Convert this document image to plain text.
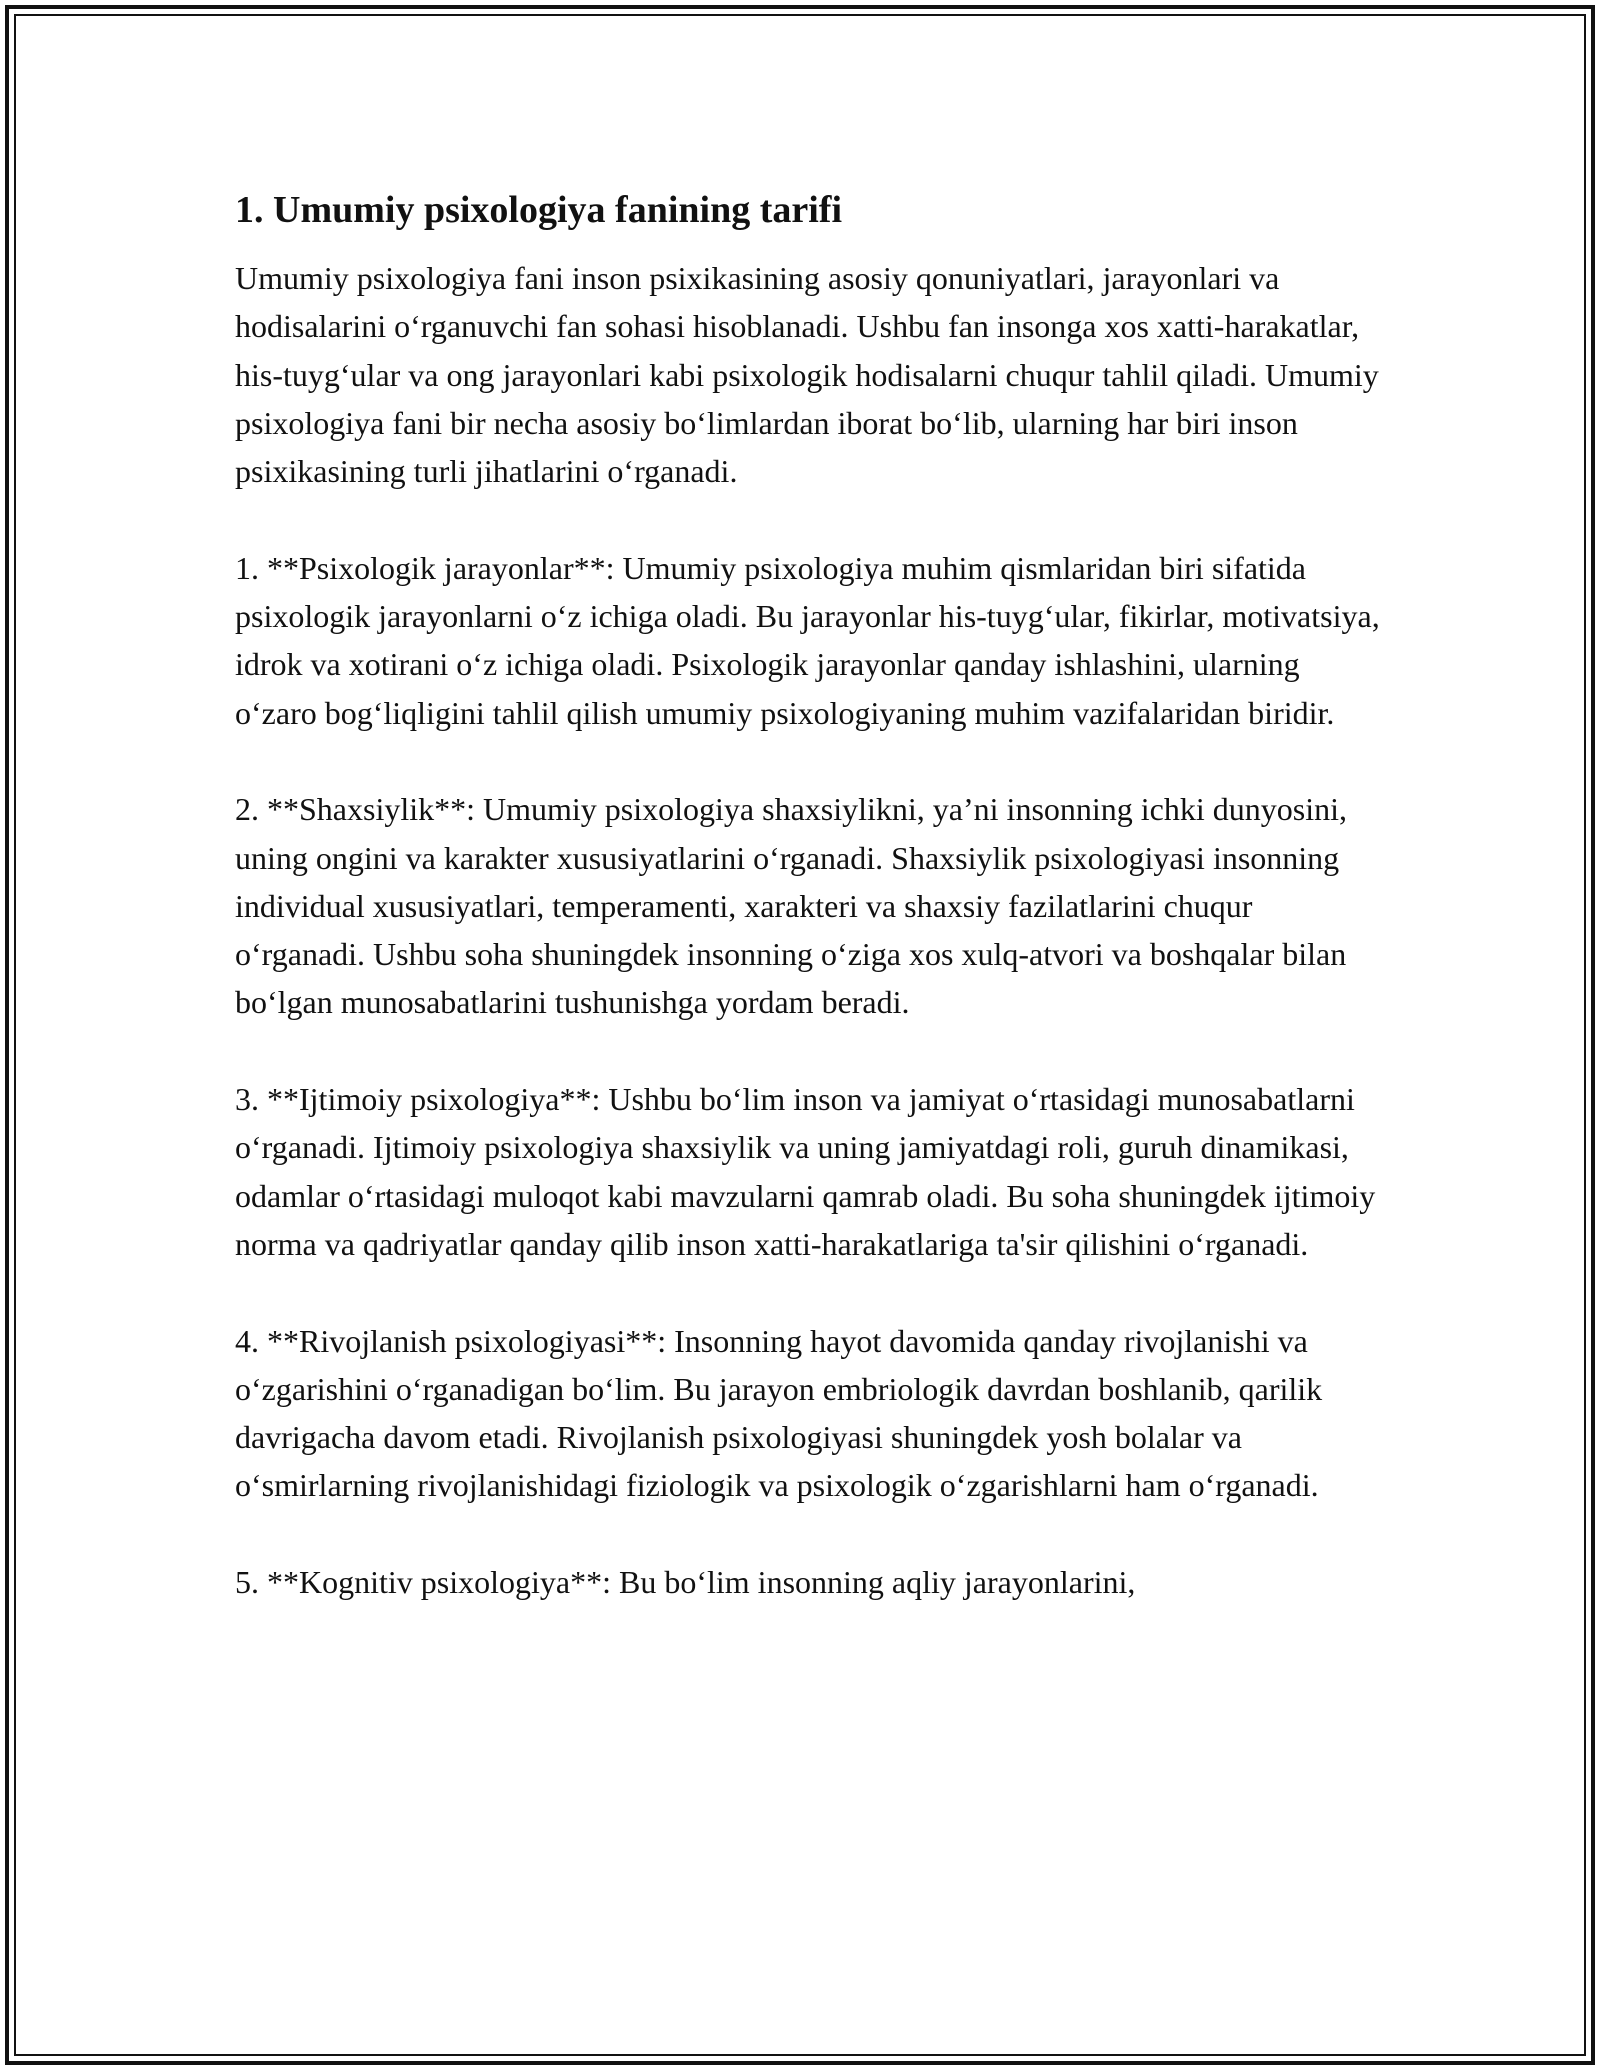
1. Umumiy psixologiya fanining tarifi

Umumiy psixologiya fani inson psixikasining asosiy qonuniyatlari, jarayonlari va hodisalarini o‘rganuvchi fan sohasi hisoblanadi. Ushbu fan insonga xos xatti-harakatlar, his-tuyg‘ular va ong jarayonlari kabi psixologik hodisalarni chuqur tahlil qiladi. Umumiy psixologiya fani bir necha asosiy bo‘limlardan iborat bo‘lib, ularning har biri inson psixikasining turli jihatlarini o‘rganadi.

1. **Psixologik jarayonlar**: Umumiy psixologiya muhim qismlaridan biri sifatida psixologik jarayonlarni o‘z ichiga oladi. Bu jarayonlar his-tuyg‘ular, fikirlar, motivatsiya, idrok va xotirani o‘z ichiga oladi. Psixologik jarayonlar qanday ishlashini, ularning o‘zaro bog‘liqligini tahlil qilish umumiy psixologiyaning muhim vazifalaridan biridir.

2. **Shaxsiylik**: Umumiy psixologiya shaxsiylikni, ya’ni insonning ichki dunyosini, uning ongini va karakter xususiyatlarini o‘rganadi. Shaxsiylik psixologiyasi insonning individual xususiyatlari, temperamenti, xarakteri va shaxsiy fazilatlarini chuqur o‘rganadi. Ushbu soha shuningdek insonning o‘ziga xos xulq-atvori va boshqalar bilan bo‘lgan munosabatlarini tushunishga yordam beradi.

3. **Ijtimoiy psixologiya**: Ushbu bo‘lim inson va jamiyat o‘rtasidagi munosabatlarni o‘rganadi. Ijtimoiy psixologiya shaxsiylik va uning jamiyatdagi roli, guruh dinamikasi, odamlar o‘rtasidagi muloqot kabi mavzularni qamrab oladi. Bu soha shuningdek ijtimoiy norma va qadriyatlar qanday qilib inson xatti-harakatlariga ta'sir qilishini o‘rganadi.

4. **Rivojlanish psixologiyasi**: Insonning hayot davomida qanday rivojlanishi va o‘zgarishini o‘rganadigan bo‘lim. Bu jarayon embriologik davrdan boshlanib, qarilik davrigacha davom etadi. Rivojlanish psixologiyasi shuningdek yosh bolalar va o‘smirlarning rivojlanishidagi fiziologik va psixologik o‘zgarishlarni ham o‘rganadi.

5. **Kognitiv psixologiya**: Bu bo‘lim insonning aqliy jarayonlarini,
